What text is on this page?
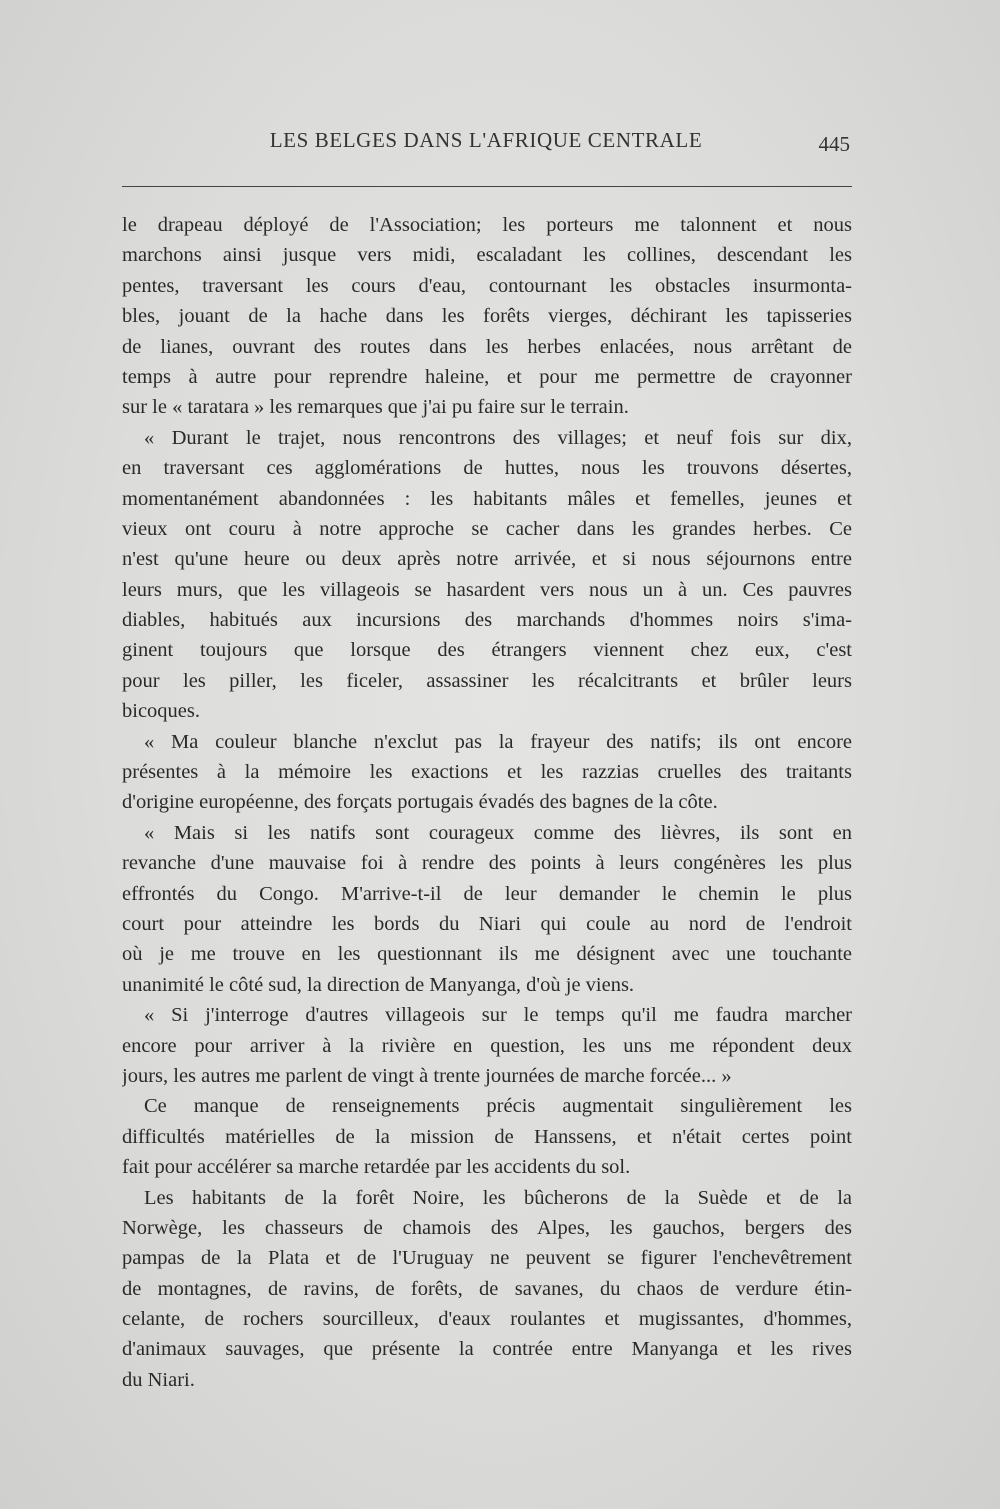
LES BELGES DANS L'AFRIQUE CENTRALE	445
le drapeau déployé de l'Association; les porteurs me talonnent et nous
marchons ainsi jusque vers midi, escaladant les collines, descendant les
pentes, traversant les cours d'eau, contournant les obstacles insurmonta-
bles, jouant de la hache dans les forêts vierges, déchirant les tapisseries
de lianes, ouvrant des routes dans les herbes enlacées, nous arrêtant de
temps à autre pour reprendre haleine, et pour me permettre de crayonner
sur le « taratara » les remarques que j'ai pu faire sur le terrain.
« Durant le trajet, nous rencontrons des villages; et neuf fois sur dix,
en traversant ces agglomérations de huttes, nous les trouvons désertes,
momentanément abandonnées : les habitants mâles et femelles, jeunes et
vieux ont couru à notre approche se cacher dans les grandes herbes. Ce
n'est qu'une heure ou deux après notre arrivée, et si nous séjournons entre
leurs murs, que les villageois se hasardent vers nous un à un. Ces pauvres
diables, habitués aux incursions des marchands d'hommes noirs s'ima-
ginent toujours que lorsque des étrangers viennent chez eux, c'est
pour les piller, les ficeler, assassiner les récalcitrants et brûler leurs
bicoques.
« Ma couleur blanche n'exclut pas la frayeur des natifs; ils ont encore
présentes à la mémoire les exactions et les razzias cruelles des traitants
d'origine européenne, des forçats portugais évadés des bagnes de la côte.
« Mais si les natifs sont courageux comme des lièvres, ils sont en
revanche d'une mauvaise foi à rendre des points à leurs congénères les plus
effrontés du Congo. M'arrive-t-il de leur demander le chemin le plus
court pour atteindre les bords du Niari qui coule au nord de l'endroit
où je me trouve en les questionnant ils me désignent avec une touchante
unanimité le côté sud, la direction de Manyanga, d'où je viens.
« Si j'interroge d'autres villageois sur le temps qu'il me faudra marcher
encore pour arriver à la rivière en question, les uns me répondent deux
jours, les autres me parlent de vingt à trente journées de marche forcée... »
Ce manque de renseignements précis augmentait singulièrement les
difficultés matérielles de la mission de Hanssens, et n'était certes point
fait pour accélérer sa marche retardée par les accidents du sol.
Les habitants de la forêt Noire, les bûcherons de la Suède et de la
Norwège, les chasseurs de chamois des Alpes, les gauchos, bergers des
pampas de la Plata et de l'Uruguay ne peuvent se figurer l'enchevêtrement
de montagnes, de ravins, de forêts, de savanes, du chaos de verdure étin-
celante, de rochers sourcilleux, d'eaux roulantes et mugissantes, d'hommes,
d'animaux sauvages, que présente la contrée entre Manyanga et les rives
du Niari.
